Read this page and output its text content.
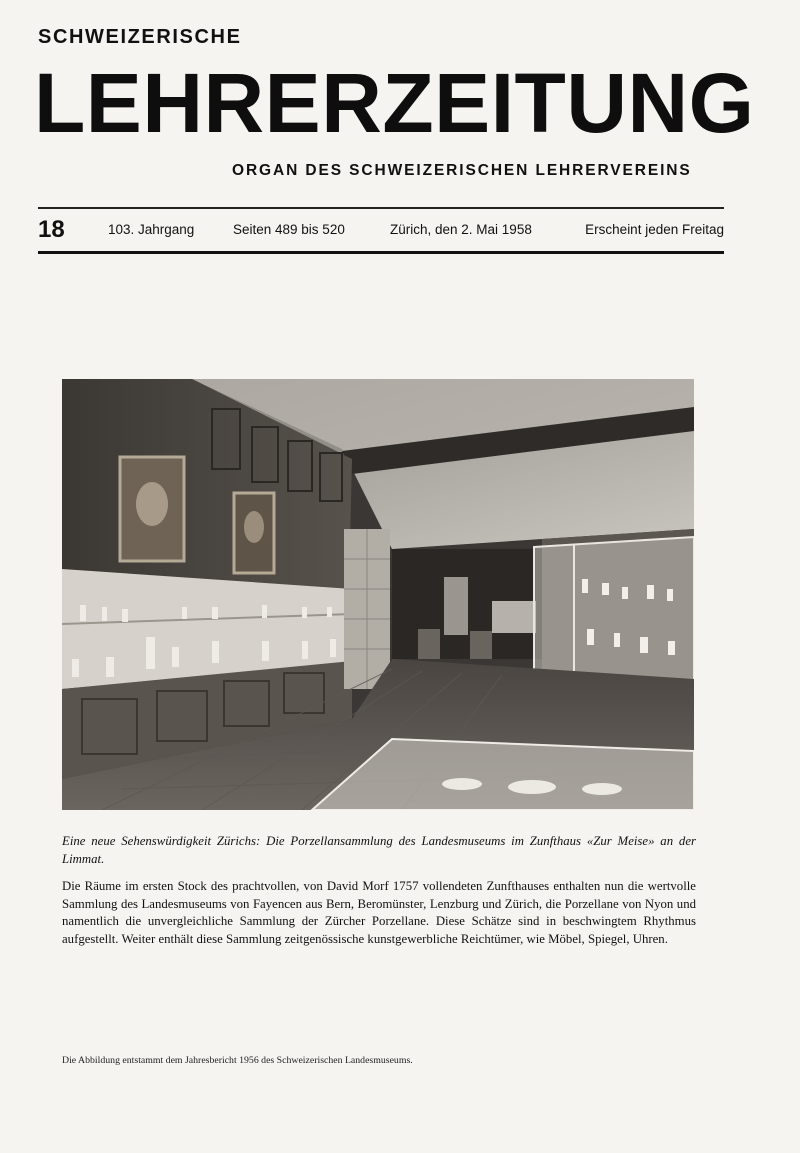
SCHWEIZERISCHE
LEHRERZEITUNG
ORGAN DES SCHWEIZERISCHEN LEHRERVEREINS
18	103. Jahrgang	Seiten 489 bis 520	Zürich, den 2. Mai 1958	Erscheint jeden Freitag
Eine neue Sehenswürdigkeit Zürichs: Die Porzellansammlung des Landesmuseums im Zunfthaus «Zur Meise» an der Limmat.
Die Räume im ersten Stock des prachtvollen, von David Morf 1757 vollendeten Zunfthauses enthalten nun die wertvolle Sammlung des Landesmuseums von Fayencen aus Bern, Beromünster, Lenzburg und Zürich, die Porzellane von Nyon und namentlich die unvergleichliche Sammlung der Zürcher Porzellane. Diese Schätze sind in beschwingtem Rhythmus aufgestellt. Weiter enthält diese Sammlung zeitgenössische kunstgewerbliche Reichtümer, wie Möbel, Spiegel, Uhren.
Die Abbildung entstammt dem Jahresbericht 1956 des Schweizerischen Landesmuseums.
